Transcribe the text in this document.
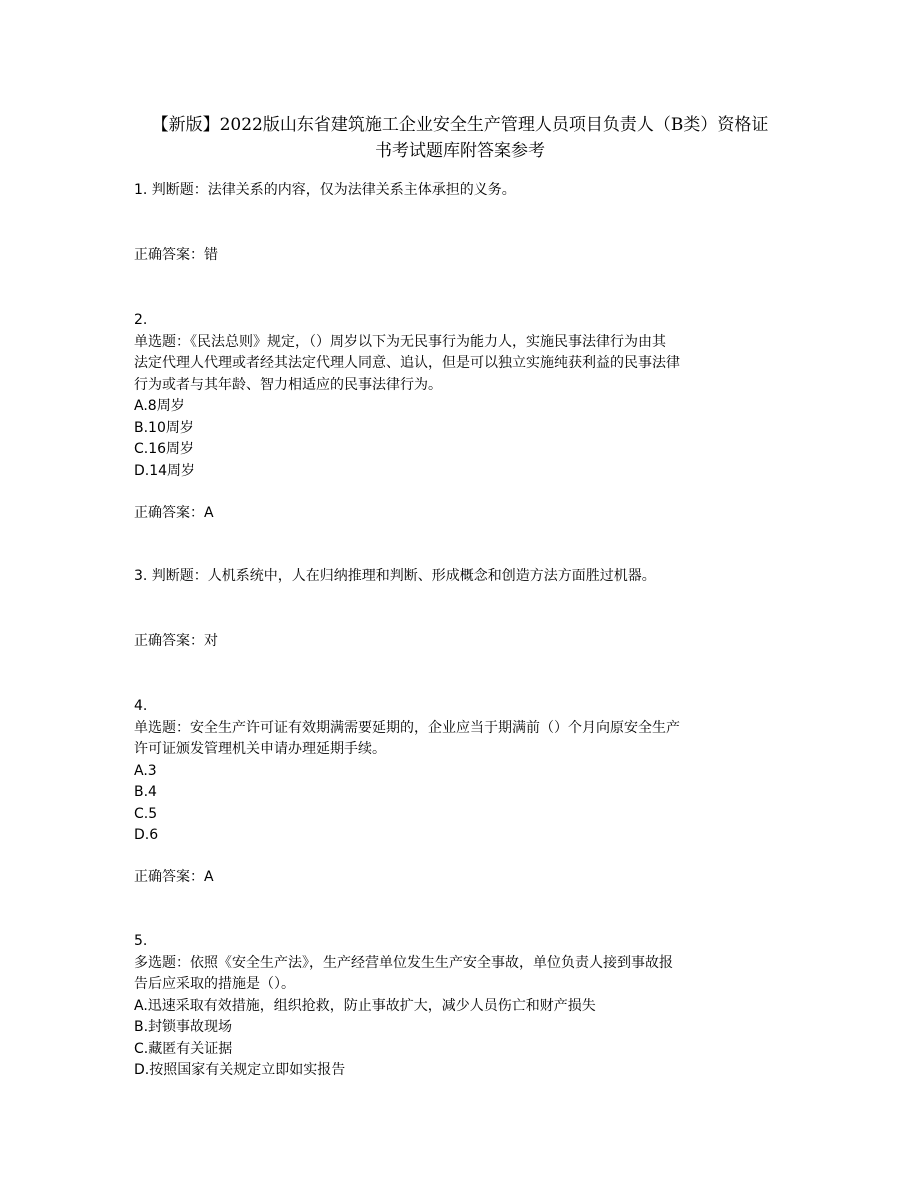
【新版】2022版山东省建筑施工企业安全生产管理人员项目负责人（B类）资格证
书考试题库附答案参考
1. 判断题：法律关系的内容，仅为法律关系主体承担的义务。
正确答案：错
2.
单选题：《民法总则》规定，（）周岁以下为无民事行为能力人，实施民事法律行为由其
法定代理人代理或者经其法定代理人同意、追认，但是可以独立实施纯获利益的民事法律
行为或者与其年龄、智力相适应的民事法律行为。
A.8周岁
B.10周岁
C.16周岁
D.14周岁
正确答案：A
3. 判断题：人机系统中，人在归纳推理和判断、形成概念和创造方法方面胜过机器。
正确答案：对
4.
单选题：安全生产许可证有效期满需要延期的，企业应当于期满前（）个月向原安全生产
许可证颁发管理机关申请办理延期手续。
A.3
B.4
C.5
D.6
正确答案：A
5.
多选题：依照《安全生产法》，生产经营单位发生生产安全事故，单位负责人接到事故报
告后应采取的措施是（）。
A.迅速采取有效措施，组织抢救，防止事故扩大，减少人员伤亡和财产损失
B.封锁事故现场
C.藏匿有关证据
D.按照国家有关规定立即如实报告
